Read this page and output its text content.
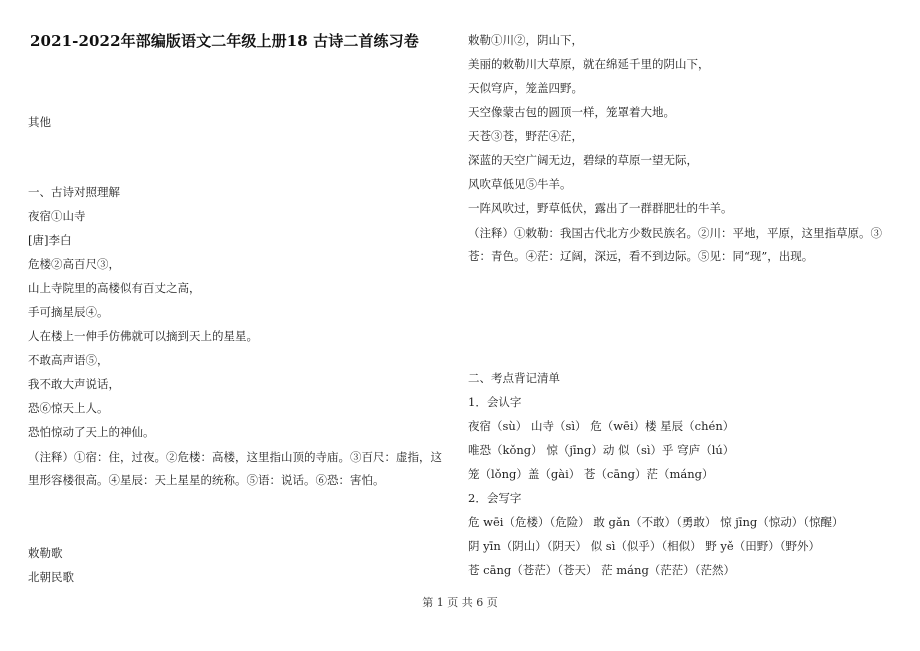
2021-2022年部编版语文二年级上册18 古诗二首练习卷
其他
一、古诗对照理解
夜宿①山寺
[唐]李白
危楼②高百尺③，
山上寺院里的高楼似有百丈之高，
手可摘星辰④。
人在楼上一伸手仿佛就可以摘到天上的星星。
不敢高声语⑤，
我不敢大声说话，
恐⑥惊天上人。
恐怕惊动了天上的神仙。
（注释）①宿：住，过夜。②危楼：高楼，这里指山顶的寺庙。③百尺：虚指，这里形容楼很高。④星辰：天上星星的统称。⑤语：说话。⑥恐：害怕。
敕勒歌
北朝民歌
敕勒①川②，阴山下，
美丽的敕勒川大草原，就在绵延千里的阴山下，
天似穹庐，笼盖四野。
天空像蒙古包的圆顶一样，笼罩着大地。
天苍③苍，野茫④茫，
深蓝的天空广阔无边，碧绿的草原一望无际，
风吹草低见⑤牛羊。
一阵风吹过，野草低伏，露出了一群群肥壮的牛羊。
（注释）①敕勒：我国古代北方少数民族名。②川：平地，平原，这里指草原。③苍：青色。④茫：辽阔，深远，看不到边际。⑤见：同“现”，出现。
二、考点背记清单
1．会认字
夜宿（sù） 山寺（sì） 危（wēi）楼 星辰（chén）
唯恐（kǒng） 惊（jīng）动 似（sì）乎 穹庐（lú）
笼（lǒng）盖（gài） 苍（cāng）茫（máng）
2．会写字
危 wēi（危楼）（危险） 敢 gǎn（不敢）（勇敢） 惊 jīng（惊动）（惊醒）
阴 yīn（阴山）（阴天） 似 sì（似乎）（相似） 野 yě（田野）（野外）
苍 cāng（苍茫）（苍天） 茫 máng（茫茫）（茫然）
第 1 页 共 6 页
